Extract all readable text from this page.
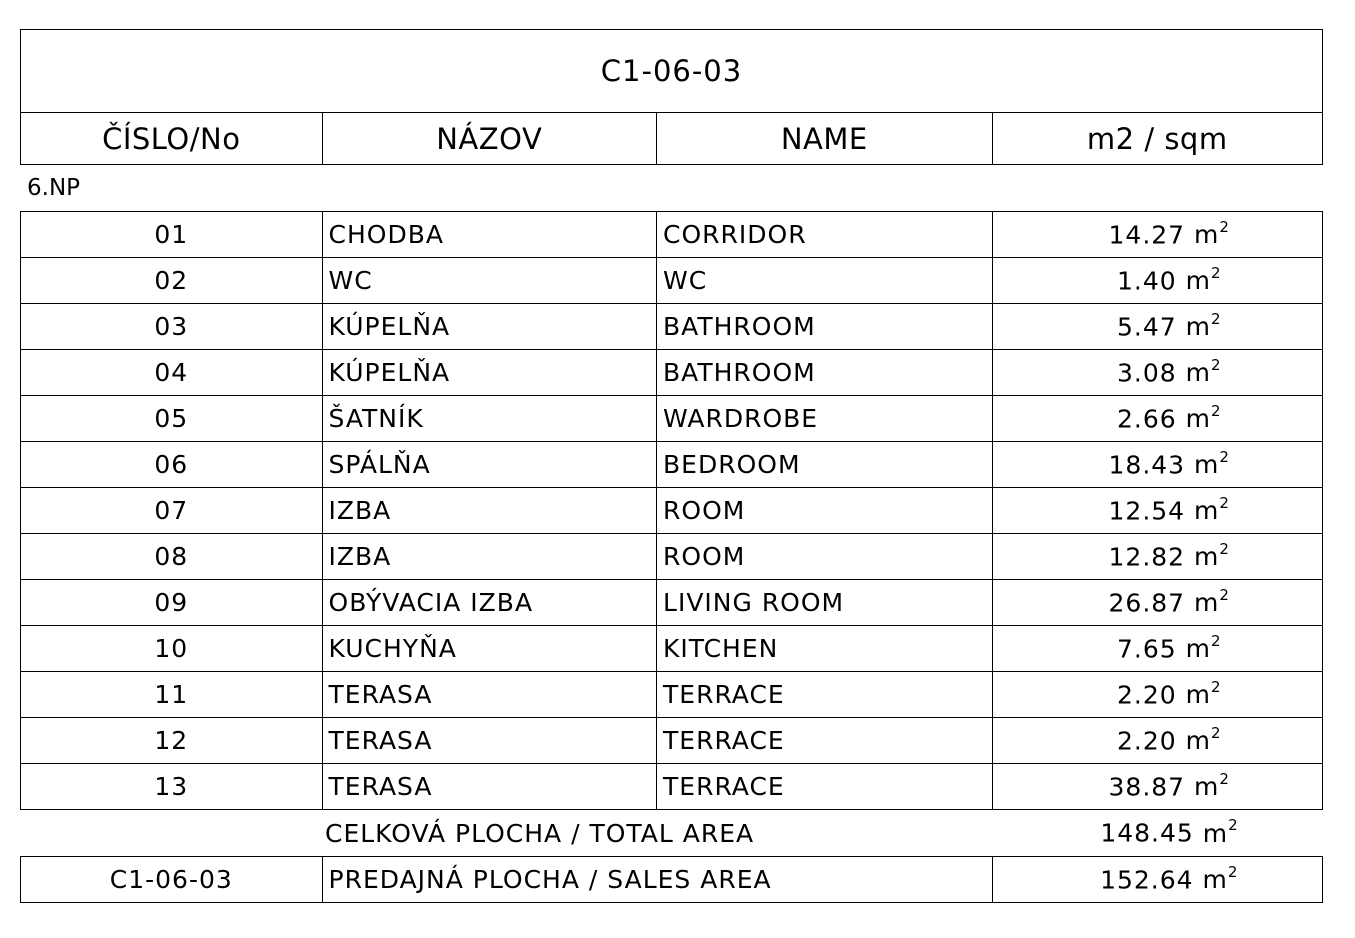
C1-06-03
ČÍSLO/No	NÁZOV	NAME	m2 / sqm
6.NP
01	CHODBA	CORRIDOR	14.27 $m^2$
02	WC	WC	1.40 $m^2$
03	KÚPELŇA	BATHROOM	5.47 $m^2$
04	KÚPELŇA	BATHROOM	3.08 $m^2$
05	ŠATNÍK	WARDROBE	2.66 $m^2$
06	SPÁLŇA	BEDROOM	18.43 $m^2$
07	IZBA	ROOM	12.54 $m^2$
08	IZBA	ROOM	12.82 $m^2$
09	OBÝVACIA IZBA	LIVING ROOM	26.87 $m^2$
10	KUCHYŇA	KITCHEN	7.65 $m^2$
11	TERASA	TERRACE	2.20 $m^2$
12	TERASA	TERRACE	2.20 $m^2$
13	TERASA	TERRACE	38.87 $m^2$
CELKOVÁ PLOCHA / TOTAL AREA	148.45 $m^2$
C1-06-03	PREDAJNÁ PLOCHA / SALES AREA	152.64 $m^2$
